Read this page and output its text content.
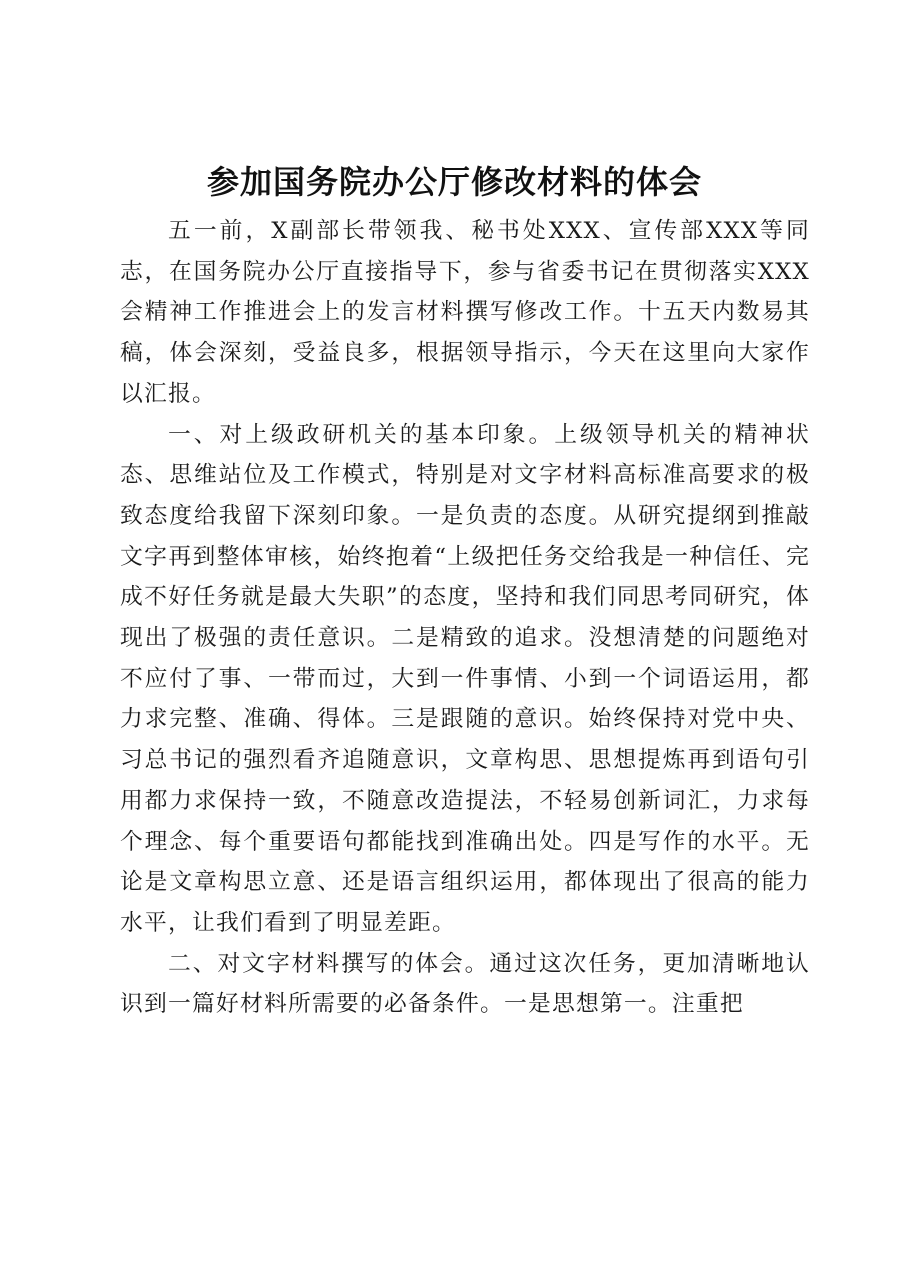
参加国务院办公厅修改材料的体会

五一前，X副部长带领我、秘书处XXX、宣传部XXX等同志，在国务院办公厅直接指导下，参与省委书记在贯彻落实XXX会精神工作推进会上的发言材料撰写修改工作。十五天内数易其稿，体会深刻，受益良多，根据领导指示，今天在这里向大家作以汇报。

一、对上级政研机关的基本印象。上级领导机关的精神状态、思维站位及工作模式，特别是对文字材料高标准高要求的极致态度给我留下深刻印象。一是负责的态度。从研究提纲到推敲文字再到整体审核，始终抱着“上级把任务交给我是一种信任、完成不好任务就是最大失职”的态度，坚持和我们同思考同研究，体现出了极强的责任意识。二是精致的追求。没想清楚的问题绝对不应付了事、一带而过，大到一件事情、小到一个词语运用，都力求完整、准确、得体。三是跟随的意识。始终保持对党中央、习总书记的强烈看齐追随意识，文章构思、思想提炼再到语句引用都力求保持一致，不随意改造提法，不轻易创新词汇，力求每个理念、每个重要语句都能找到准确出处。四是写作的水平。无论是文章构思立意、还是语言组织运用，都体现出了很高的能力水平，让我们看到了明显差距。

二、对文字材料撰写的体会。通过这次任务，更加清晰地认识到一篇好材料所需要的必备条件。一是思想第一。注重把
